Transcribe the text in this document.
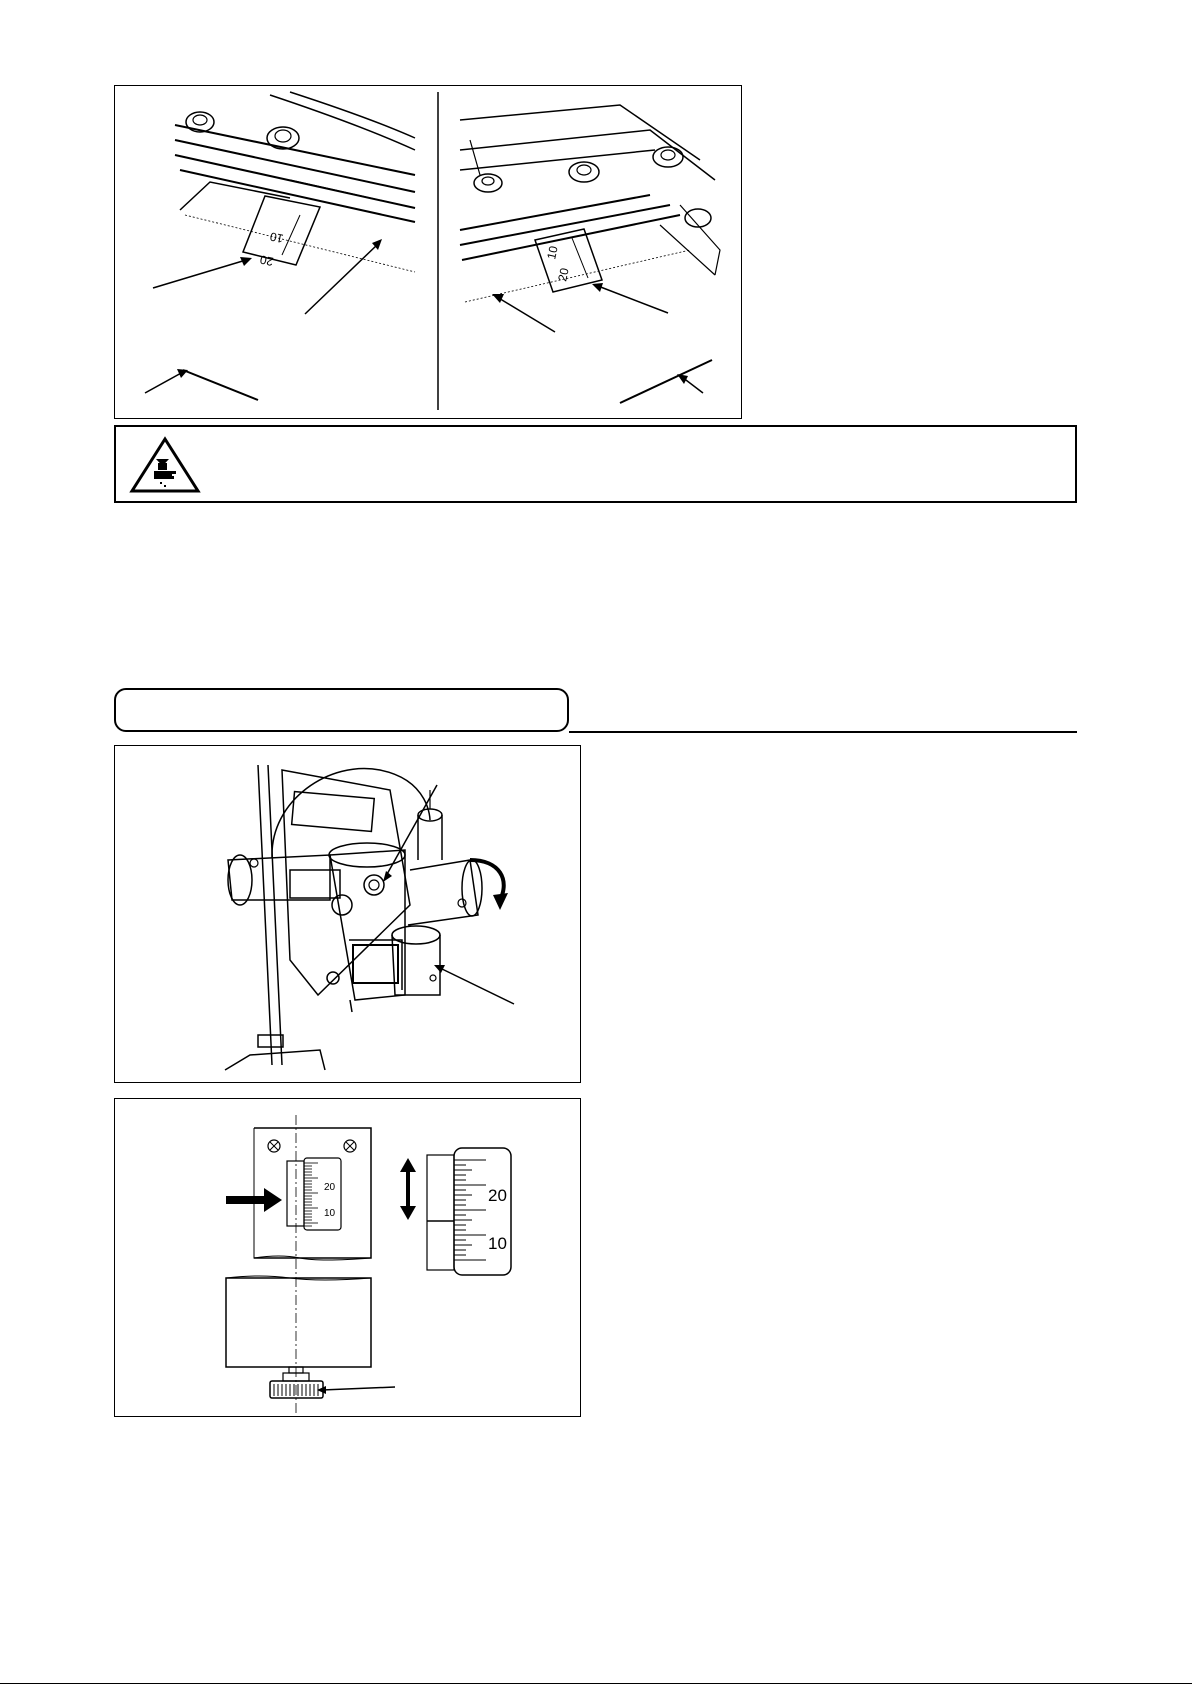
10
20	10
20
20
10
20
10
